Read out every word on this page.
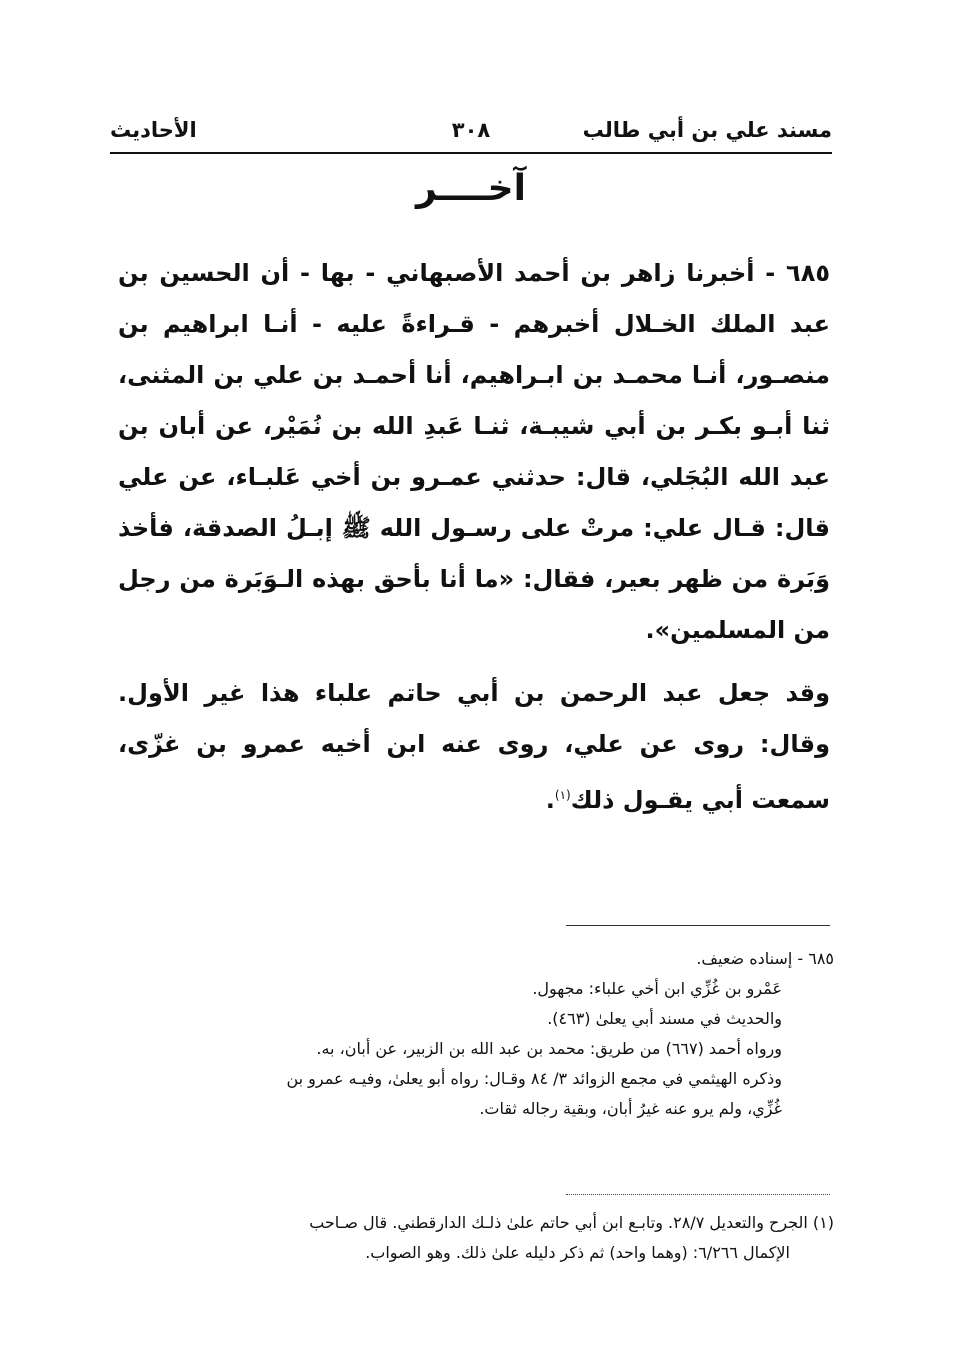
مسند علي بن أبي طالب
٣٠٨
الأحاديث
آخــــر

٦٨٥ - أخبرنا زاهر بن أحمد الأصبهاني - بها - أن الحسين بن عبد الملك الخـلال أخبرهم - قـراءةً عليه - أنـا ابراهيم بن منصـور، أنـا محمـد بن ابـراهيم، أنا أحمـد بن علي بن المثنى، ثنا أبـو بكـر بن أبي شيبـة، ثنـا عَبدِ الله بن نُمَيْر، عن أبان بن عبد الله البُجَلي، قال: حدثني عمـرو بن أخي عَلبـاء، عن علي قال: قـال علي: مرتْ على رسـول الله ﷺ إبـلُ الصدقة، فأخذ وَبَرة من ظهر بعير، فقال: «ما أنا بأحق بهذه الـوَبَرة من رجل من المسلمين».

وقد جعل عبد الرحمن بن أبي حاتم علباء هذا غير الأول. وقال: روى عن علي، روى عنه ابن أخيه عمرو بن غزّى، سمعت أبي يقـول ذلك$^{(١)}$.

٦٨٥ - إسناده ضعيف.
عَمْرو بن غُزِّي ابن أخي علباء: مجهول.
والحديث في مسند أبي يعلىٰ (٤٦٣).
ورواه أحمد (٦٦٧) من طريق: محمد بن عبد الله بن الزبير، عن أبان، به.
وذكره الهيثمي في مجمع الزوائد ٣/ ٨٤ وقـال: رواه أبو يعلىٰ، وفيـه عمرو بن
غُزِّي، ولم يرو عنه غيرُ أبان، وبقية رجاله ثقات.
(١) الجرح والتعديل ٢٨/٧. وتابـع ابن أبي حاتم علىٰ ذلـك الدارقطني. قال صـاحب
الإكمال ٦/٢٦٦: (وهما واحد) ثم ذكر دليله علىٰ ذلك. وهو الصواب.
